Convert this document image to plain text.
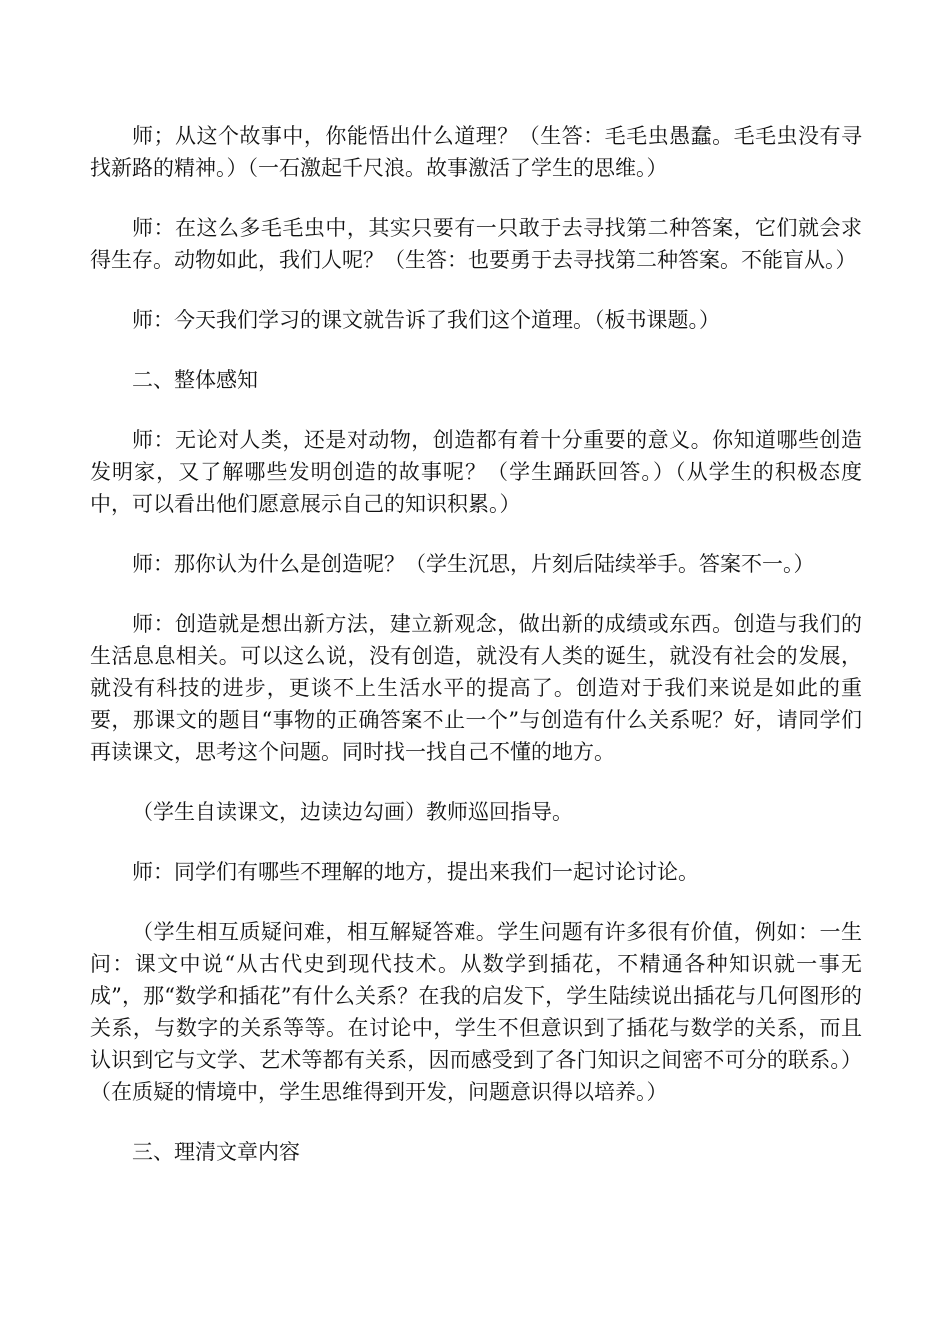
师；从这个故事中，你能悟出什么道理？（生答：毛毛虫愚蠢。毛毛虫没有寻找新路的精神。）（一石激起千尺浪。故事激活了学生的思维。）

师：在这么多毛毛虫中，其实只要有一只敢于去寻找第二种答案，它们就会求得生存。动物如此，我们人呢？（生答：也要勇于去寻找第二种答案。不能盲从。）

师：今天我们学习的课文就告诉了我们这个道理。（板书课题。）

二、整体感知

师：无论对人类，还是对动物，创造都有着十分重要的意义。你知道哪些创造发明家，又了解哪些发明创造的故事呢？（学生踊跃回答。）（从学生的积极态度中，可以看出他们愿意展示自己的知识积累。）

师：那你认为什么是创造呢？（学生沉思，片刻后陆续举手。答案不一。）

师：创造就是想出新方法，建立新观念，做出新的成绩或东西。创造与我们的生活息息相关。可以这么说，没有创造，就没有人类的诞生，就没有社会的发展，就没有科技的进步，更谈不上生活水平的提高了。创造对于我们来说是如此的重要，那课文的题目“事物的正确答案不止一个”与创造有什么关系呢？好，请同学们再读课文，思考这个问题。同时找一找自己不懂的地方。

（学生自读课文，边读边勾画）教师巡回指导。

师：同学们有哪些不理解的地方，提出来我们一起讨论讨论。

（学生相互质疑问难，相互解疑答难。学生问题有许多很有价值，例如：一生问：课文中说“从古代史到现代技术。从数学到插花，不精通各种知识就一事无成”，那“数学和插花”有什么关系？在我的启发下，学生陆续说出插花与几何图形的关系，与数字的关系等等。在讨论中，学生不但意识到了插花与数学的关系，而且认识到它与文学、艺术等都有关系，因而感受到了各门知识之间密不可分的联系。）（在质疑的情境中，学生思维得到开发，问题意识得以培养。）

三、理清文章内容
